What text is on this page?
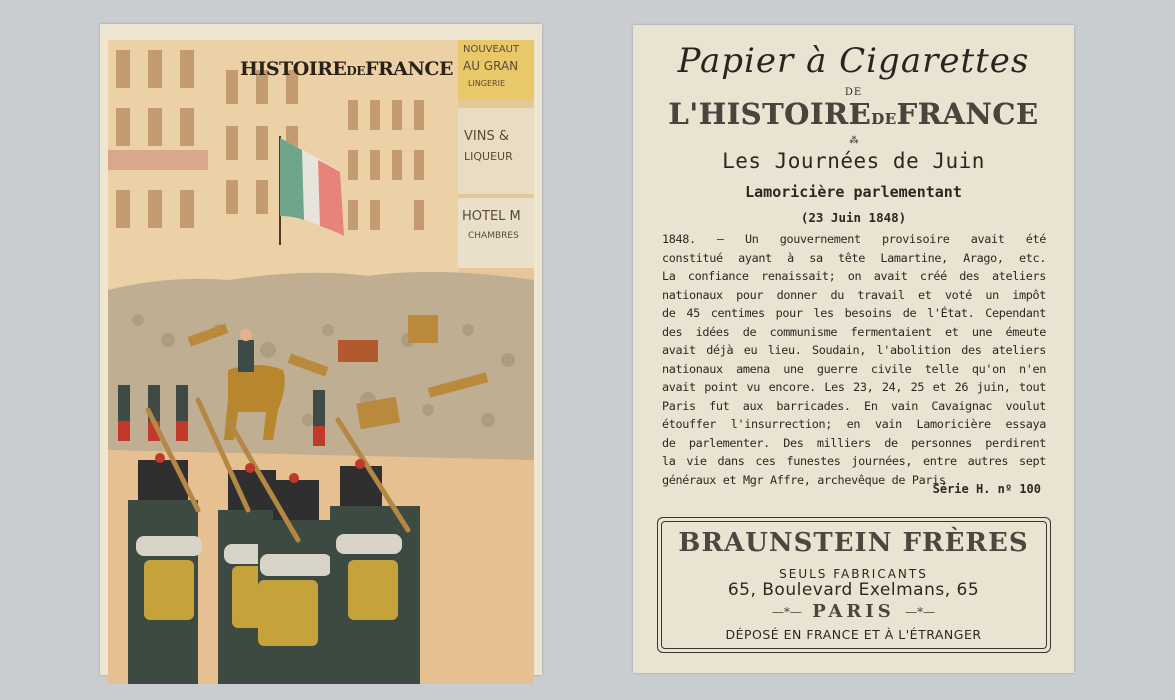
NOUVEAUT
AU GRAN
LINGERIE
VINS &
LIQUEUR
HOTEL M
CHAMBRES
HISTOIREDEFRANCE	Papier à Cigarettes
DE
L'HISTOIREDEFRANCE
⁂
Les Journées de Juin
Lamoricière parlementant
(23 Juin 1848)
1848. — Un gouvernement provisoire avait été
constitué ayant à sa tête Lamartine, Arago, etc.
La confiance renaissait; on avait créé des ateliers
nationaux pour donner du travail et voté un impôt
de 45 centimes pour les besoins de l'État. Cependant
des idées de communisme fermentaient et une émeute
avait déjà eu lieu. Soudain, l'abolition des ateliers
nationaux amena une guerre civile telle qu'on n'en
avait point vu encore. Les 23, 24, 25 et 26 juin, tout
Paris fut aux barricades. En vain Cavaignac voulut
étouffer l'insurrection; en vain Lamoricière essaya
de parlementer. Des milliers de personnes perdirent
la vie dans ces funestes journées, entre autres sept
généraux et Mgr Affre, archevêque de Paris
Série H. nº 100
BRAUNSTEIN FRÈRES
SEULS FABRICANTS
65, Boulevard Exelmans, 65
—*— PARIS —*—
DÉPOSÉ EN FRANCE ET À L'ÉTRANGER
